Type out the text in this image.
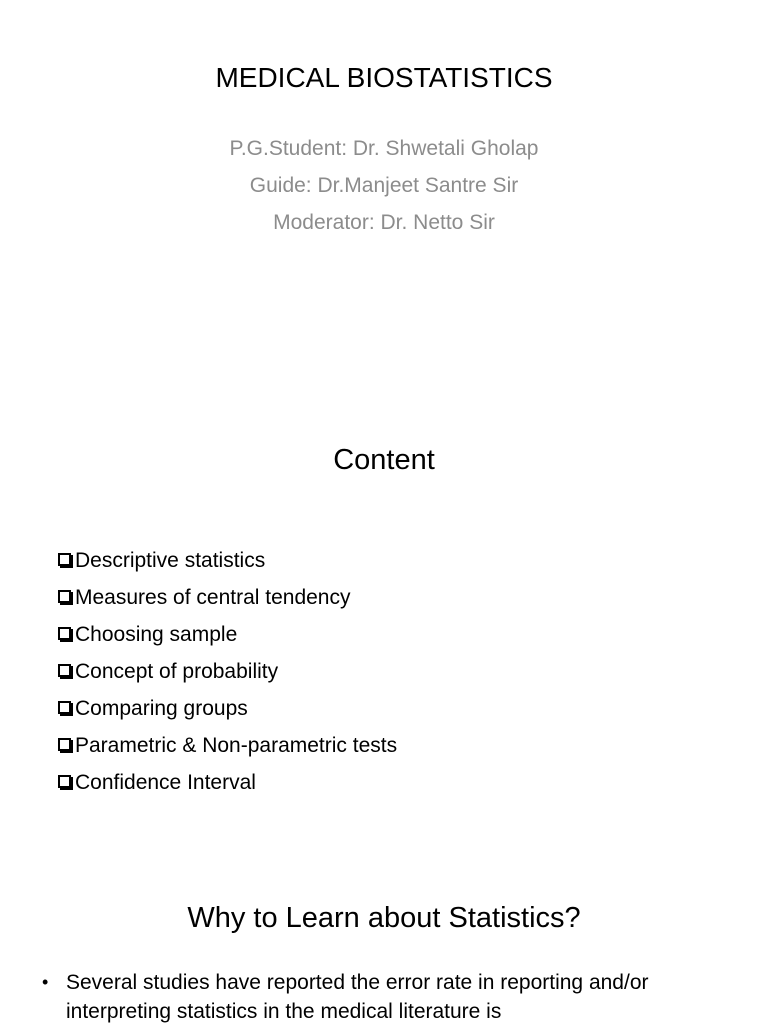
MEDICAL BIOSTATISTICS
P.G.Student: Dr. Shwetali Gholap
Guide: Dr.Manjeet Santre Sir
Moderator: Dr. Netto Sir
Content
Descriptive statistics
Measures of central tendency
Choosing sample
Concept of probability
Comparing groups
Parametric & Non-parametric tests
Confidence Interval
Why to Learn about Statistics?
• Several studies have reported the error rate in reporting and/or interpreting statistics in the medical literature is
